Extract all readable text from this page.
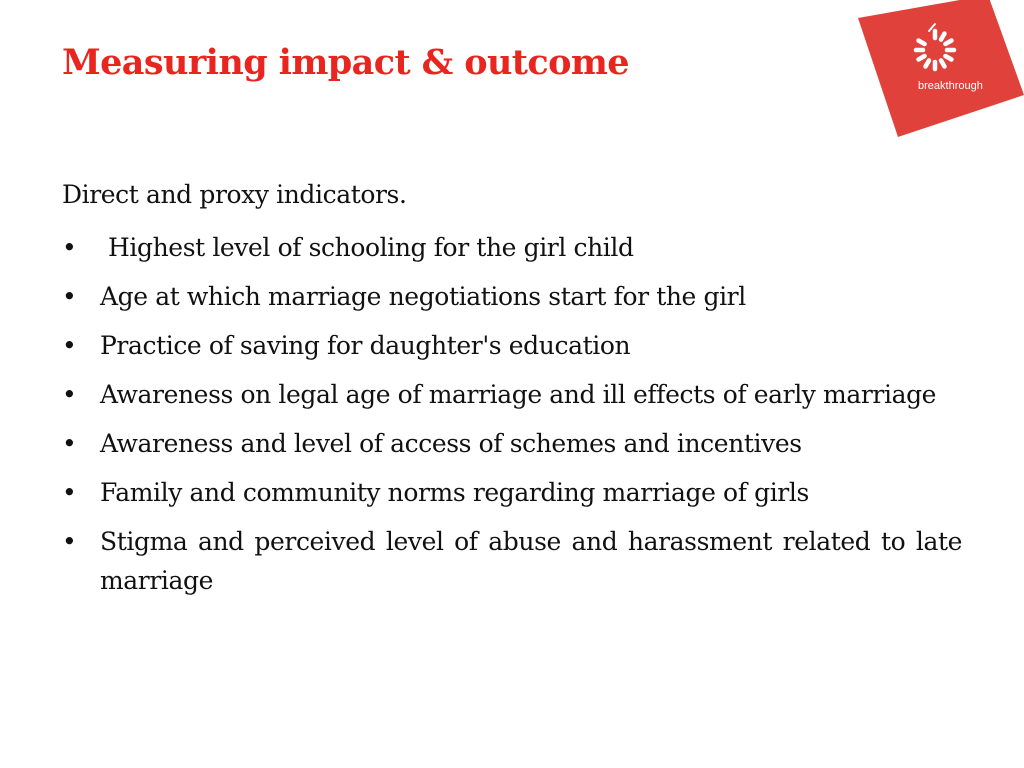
Measuring impact & outcome
breakthrough

Direct and proxy indicators.

• Highest level of schooling for the girl child
• Age at which marriage negotiations start for the girl
• Practice of saving for daughter's education
• Awareness on legal age of marriage and ill effects of early marriage
• Awareness and level of access of schemes and incentives
• Family and community norms regarding marriage of girls
• Stigma and perceived level of abuse and harassment related to late marriage
